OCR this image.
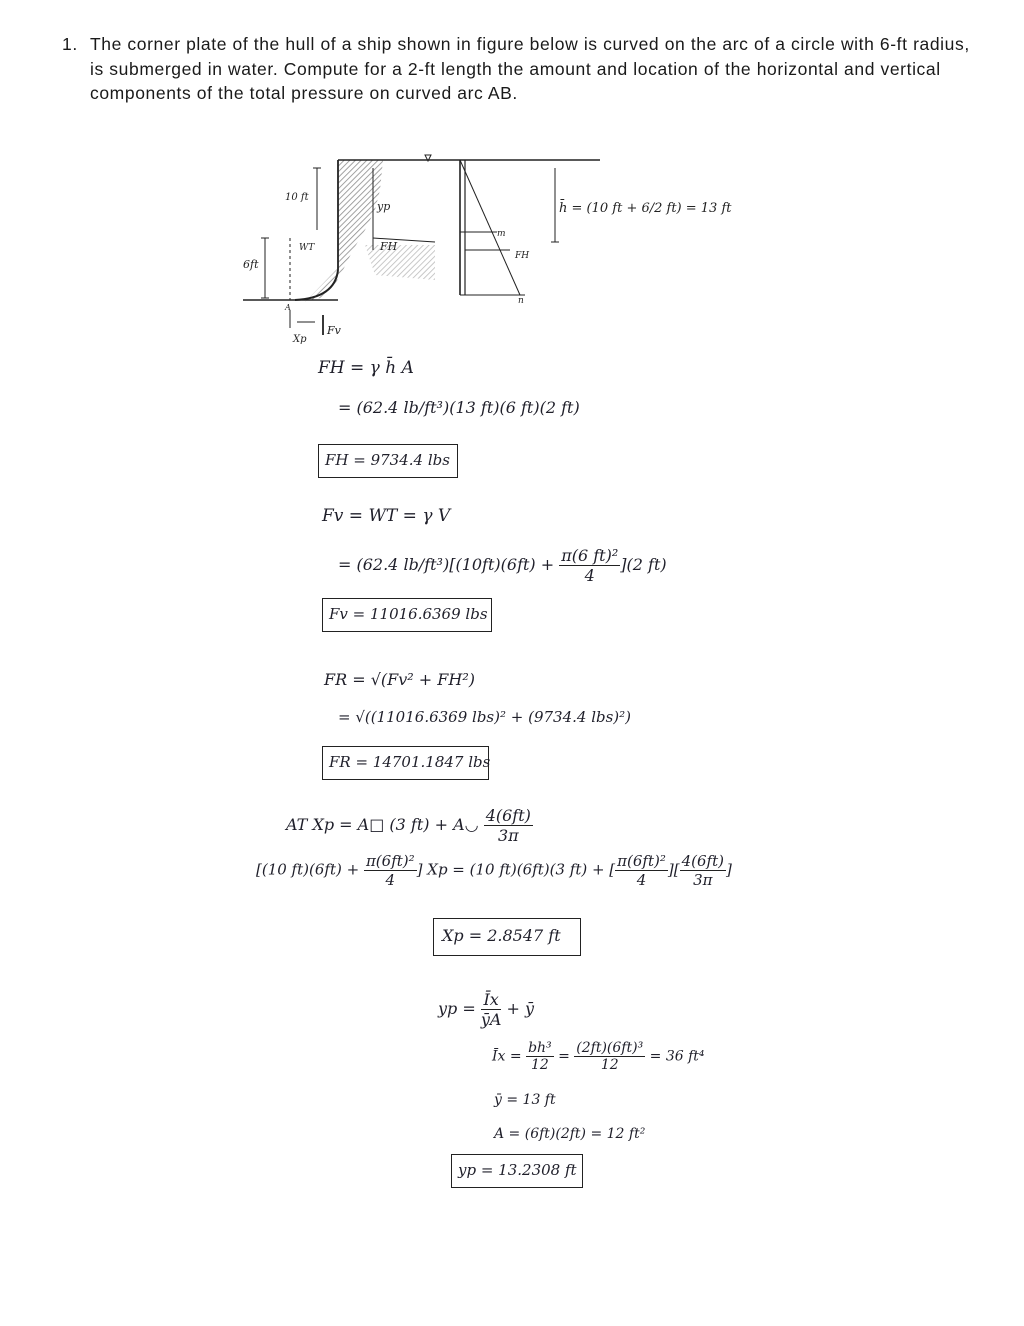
1. The corner plate of the hull of a ship shown in figure below is curved on the arc of a circle with 6-ft radius, is submerged in water. Compute for a 2-ft length the amount and location of the horizontal and vertical components of the total pressure on curved arc AB.
10 ft
6ft
yp
WT	FH
A
Fv
Xp
m
FH
n
h̄ = (10 ft + 6/2 ft) = 13 ft
FH = γ h̄ A
= (62.4 lb/ft³)(13 ft)(6 ft)(2 ft)
FH = 9734.4 lbs
Fv = WT = γ V
= (62.4 $lb/ft^3)[(10ft)(6ft) + \frac{\text{π(6 ft)²}}{4} ](2$ ft)
Fv = 11016.6369 lbs
FR = √(Fv² + FH²)
= √((11016.6369 lbs)² + (9734.4 lbs)²)
FR = 14701.1847 lbs
AT Xp = A□ (3 ft) + A◡ $\frac{4(6ft)}{3\pi}$
[(10 $ft)(6ft) + \frac{\text{π(6ft)²}}{4}$ ] Xp = (10 ft)(6ft)(3 ft) + [ $\frac{\text{π(6ft)²}}{4}$ ][ $\frac{4(6ft)}{3\pi}$ ]
Xp = 2.8547 ft
yp = $\frac{Īx}{ȳA}$ + ȳ
Īx = $\frac{\text{bh³}}{12} = \frac{\text{(2ft)(6ft)³}}{12} = 36$ ft⁴
ȳ = 13 ft
A = (6ft)(2ft) = 12 ft²
yp = 13.2308 ft
